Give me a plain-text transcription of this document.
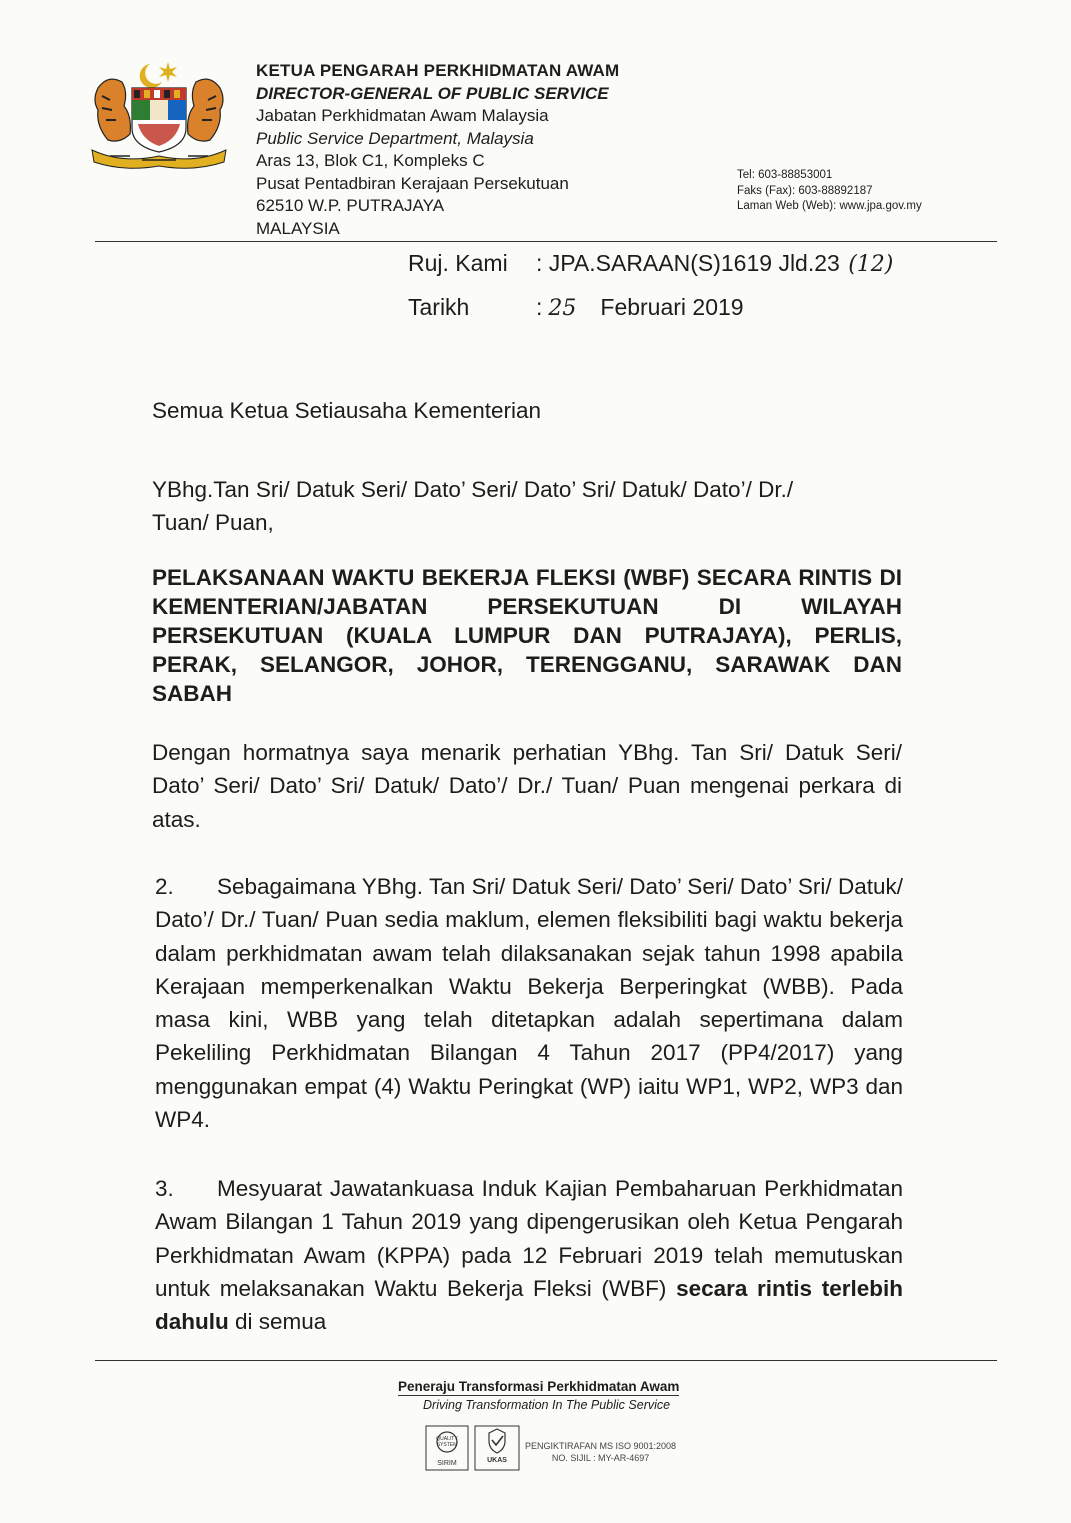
KETUA PENGARAH PERKHIDMATAN AWAM
DIRECTOR-GENERAL OF PUBLIC SERVICE
Jabatan Perkhidmatan Awam Malaysia
Public Service Department, Malaysia
Aras 13, Blok C1, Kompleks C
Pusat Pentadbiran Kerajaan Persekutuan
62510 W.P. PUTRAJAYA
MALAYSIA
Tel: 603-88853001
Faks (Fax): 603-88892187
Laman Web (Web): www.jpa.gov.my
Ruj. Kami : JPA.SARAAN(S)1619 Jld.23 (12)
Tarikh	: 25 Februari 2019
Semua Ketua Setiausaha Kementerian
YBhg.Tan Sri/ Datuk Seri/ Dato’ Seri/ Dato’ Sri/ Datuk/ Dato’/ Dr./
Tuan/ Puan,
PELAKSANAAN WAKTU BEKERJA FLEKSI (WBF) SECARA RINTIS DI KEMENTERIAN/JABATAN PERSEKUTUAN DI WILAYAH PERSEKUTUAN (KUALA LUMPUR DAN PUTRAJAYA), PERLIS, PERAK, SELANGOR, JOHOR, TERENGGANU, SARAWAK DAN SABAH
Dengan hormatnya saya menarik perhatian YBhg. Tan Sri/ Datuk Seri/ Dato’ Seri/ Dato’ Sri/ Datuk/ Dato’/ Dr./ Tuan/ Puan mengenai perkara di atas.
2. Sebagaimana YBhg. Tan Sri/ Datuk Seri/ Dato’ Seri/ Dato’ Sri/ Datuk/ Dato’/ Dr./ Tuan/ Puan sedia maklum, elemen fleksibiliti bagi waktu bekerja dalam perkhidmatan awam telah dilaksanakan sejak tahun 1998 apabila Kerajaan memperkenalkan Waktu Bekerja Berperingkat (WBB). Pada masa kini, WBB yang telah ditetapkan adalah sepertimana dalam Pekeliling Perkhidmatan Bilangan 4 Tahun 2017 (PP4/2017) yang menggunakan empat (4) Waktu Peringkat (WP) iaitu WP1, WP2, WP3 dan WP4.
3. Mesyuarat Jawatankuasa Induk Kajian Pembaharuan Perkhidmatan Awam Bilangan 1 Tahun 2019 yang dipengerusikan oleh Ketua Pengarah Perkhidmatan Awam (KPPA) pada 12 Februari 2019 telah memutuskan untuk melaksanakan Waktu Bekerja Fleksi (WBF) secara rintis terlebih dahulu di semua
Peneraju Transformasi Perkhidmatan Awam
Driving Transformation In The Public Service
QUALITY
SYSTEM
SIRIM	UKAS
PENGIKTIRAFAN MS ISO 9001:2008
NO. SIJIL : MY-AR-4697
